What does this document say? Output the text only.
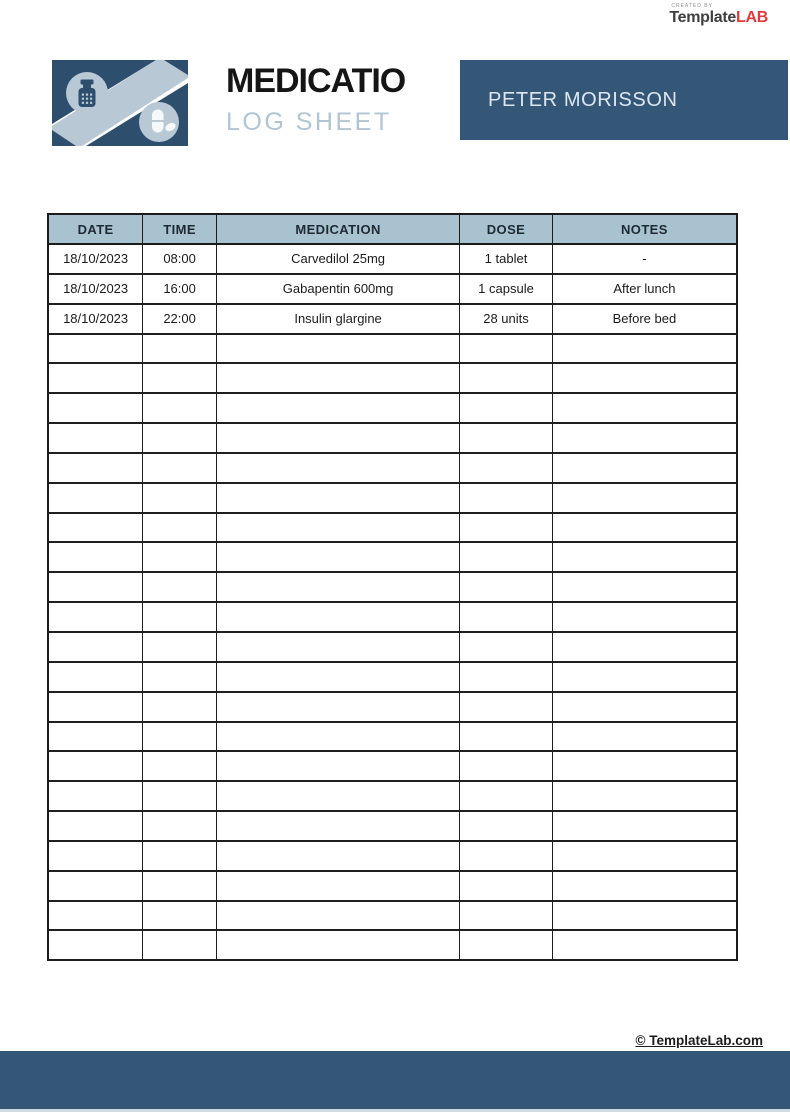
CREATED BY
TemplateLAB
MEDICATIO
LOG SHEET
PETER MORISSON
DATE	TIME	MEDICATION	DOSE	NOTES
18/10/2023	08:00	Carvedilol 25mg	1 tablet	-
18/10/2023	16:00	Gabapentin 600mg	1 capsule	After lunch
18/10/2023	22:00	Insulin glargine	28 units	Before bed

© TemplateLab.com
